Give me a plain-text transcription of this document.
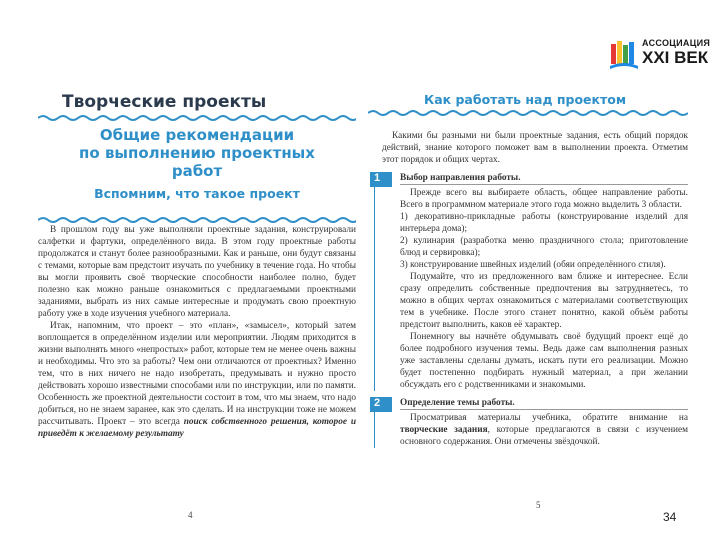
АССОЦИАЦИЯ
XXI ВЕК
Творческие проекты
Общие рекомендации
по выполнению проектных
работ
Вспомним, что такое проект

В прошлом году вы уже выполняли проектные задания, конструировали салфетки и фартуки, определённого вида. В этом году проектные работы продолжатся и станут более разнообразными. Как и раньше, они будут связаны с темами, которые вам предстоит изучать по учебнику в течение года. Но чтобы вы могли проявить своё творческие способности наиболее полно, будет полезно как можно раньше ознакомиться с предлагаемыми проектными заданиями, выбрать из них самые интересные и продумать свою проектную работу уже в ходе изучения учебного материала.

Итак, напомним, что проект – это «план», «замысел», который затем воплощается в определённом изделии или мероприятии. Людям приходится в жизни выполнять много «непростых» работ, которые тем не менее очень важны и необходимы. Что это за работы? Чем они отличаются от проектных? Именно тем, что в них ничего не надо изобретать, предумывать и нужно просто действовать хорошо известными способами или по инструкции, или по памяти. Особенность же проектной деятельности состоит в том, что мы знаем, что надо добиться, но не знаем заранее, как это сделать. И на инструкции тоже не можем рассчитывать. Проект – это всегда поиск собственного решения, которое и приведёт к желаемому результату

Как работать над проектом

Какими бы разными ни были проектные задания, есть общий порядок действий, знание которого поможет вам в выполнении проекта. Отметим этот порядок и общих чертах.

1	Выбор направления работы.

Прежде всего вы выбираете область, общее направление работы. Всего в программном материале этого года можно выделить 3 области.

1) декоративно-прикладные работы (конструирование изделий для интерьера дома);

2) кулинария (разработка меню праздничного стола; приготовление блюд и сервировка);

3) конструирование швейных изделий (обяи определённого стиля).

Подумайте, что из предложенного вам ближе и интереснее. Если сразу определить собственные предпочтения вы затрудняетесь, то можно в общих чертах ознакомиться с материалами соответствующих тем в учебнике. После этого станет понятно, какой объём работы предстоит выполнить, каков её характер.

Понемногу вы начнёте обдумывать своё будущий проект ещё до более подробного изучения темы. Ведь даже сам выполнения разных уже заставлены сделаны думать, искать пути его реализации. Можно будет постепенно подбирать нужный материал, а при желании обсуждать его с родственниками и знакомыми.

2	Определение темы работы.

Просматривая материалы учебника, обратите внимание на творческие задания, которые предлагаются в связи с изучением основного содержания. Они отмечены звёздочкой.

4
5
34
